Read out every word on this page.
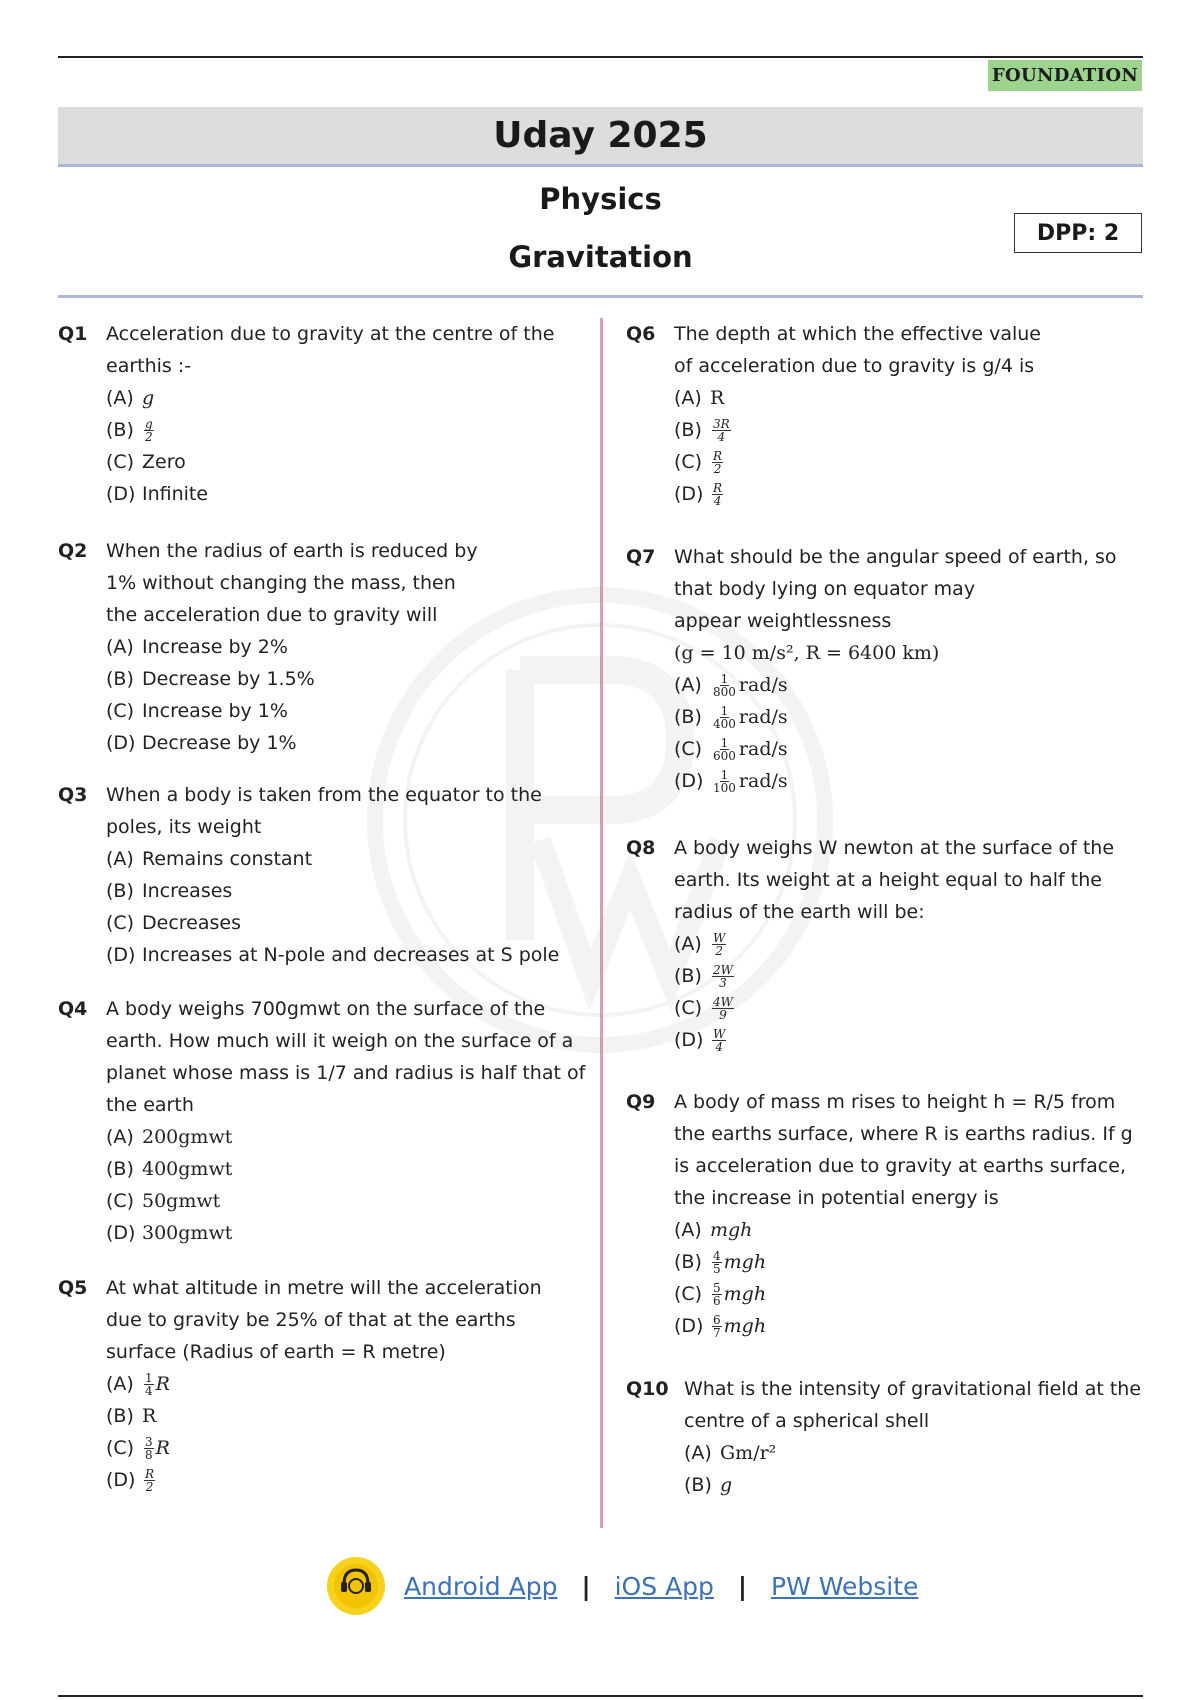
FOUNDATION
Uday 2025
Physics
Gravitation
DPP: 2
Q1 Acceleration due to gravity at the centre of the
earthis :-
(A) g
$(B) \frac{g}{2}$
(C) Zero
(D) Infinite
Q2 When the radius of earth is reduced by
1% without changing the mass, then
the acceleration due to gravity will
(A) Increase by 2%
(B) Decrease by 1.5%
(C) Increase by 1%
(D) Decrease by 1%
Q3 When a body is taken from the equator to the
poles, its weight
(A) Remains constant
(B) Increases
(C) Decreases
(D) Increases at N-pole and decreases at S pole
Q4 A body weighs 700gmwt on the surface of the
earth. How much will it weigh on the surface of a
planet whose mass is 1/7 and radius is half that of
the earth
(A) 200gmwt
(B) 400gmwt
(C) 50gmwt
(D) 300gmwt
Q5 At what altitude in metre will the acceleration
due to gravity be 25% of that at the earths
surface (Radius of earth = R metre)
$(A) \frac{1}{4}$ R
(B) R
$(C) \frac{3}{8}$ R
$(D) \frac{R}{2}$
Q6 The depth at which the effective value
of acceleration due to gravity is g/4 is
(A) R
$(B) \frac{3R}{4}$
$(C) \frac{R}{2}$
$(D) \frac{R}{4}$
Q7 What should be the angular speed of earth, so
that body lying on equator may
appear weightlessness
(g = 10 m/s², R = 6400 km)
$(A) \frac{1}{800} rad/s$
$(B) \frac{1}{400} rad/s$
$(C) \frac{1}{600} rad/s$
$(D) \frac{1}{100} rad/s$
Q8 A body weighs W newton at the surface of the
earth. Its weight at a height equal to half the
radius of the earth will be:
$(A) \frac{W}{2}$
$(B) \frac{2W}{3}$
$(C) \frac{4W}{9}$
$(D) \frac{W}{4}$
Q9 A body of mass m rises to height h = R/5 from
the earths surface, where R is earths radius. If g
is acceleration due to gravity at earths surface,
the increase in potential energy is
(A) mgh
$(B) \frac{4}{5}$ mgh
$(C) \frac{5}{6}$ mgh
$(D) \frac{6}{7}$ mgh
Q10 What is the intensity of gravitational field at the
centre of a spherical shell
(A) Gm/r²
(B) g
Android App | iOS App | PW Website
